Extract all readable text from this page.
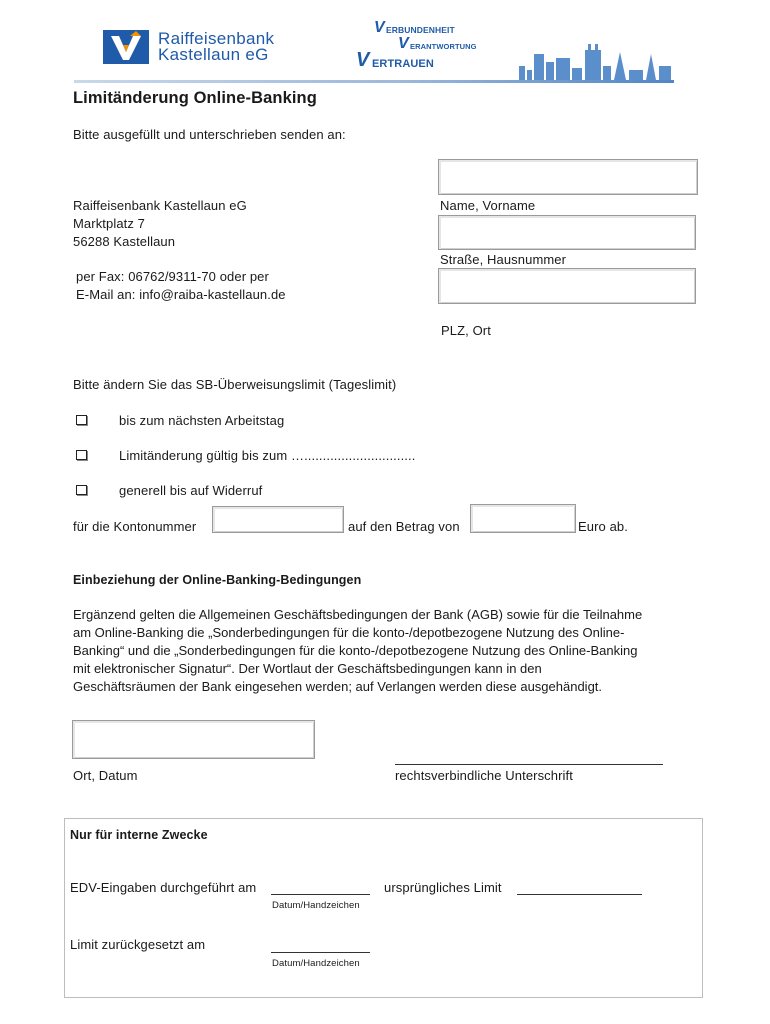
Raiffeisenbank
Kastellaun eG
V ERBUNDENHEIT
V ERANTWORTUNG
V ERTRAUEN
Limitänderung Online-Banking
Bitte ausgefüllt und unterschrieben senden an:
Raiffeisenbank Kastellaun eG
Marktplatz 7
56288 Kastellaun
per Fax: 06762/9311-70 oder per
E-Mail an: info@raiba-kastellaun.de
Name, Vorname
Straße, Hausnummer
PLZ, Ort
Bitte ändern Sie das SB-Überweisungslimit (Tageslimit)
bis zum nächsten Arbeitstag
Limitänderung gültig bis zum …..............................
generell bis auf Widerruf
für die Kontonummer	auf den Betrag von	Euro ab.
Einbeziehung der Online-Banking-Bedingungen
Ergänzend gelten die Allgemeinen Geschäftsbedingungen der Bank (AGB) sowie für die Teilnahme
am Online-Banking die „Sonderbedingungen für die konto-/depotbezogene Nutzung des Online-
Banking“ und die „Sonderbedingungen für die konto-/depotbezogene Nutzung des Online-Banking
mit elektronischer Signatur“. Der Wortlaut der Geschäftsbedingungen kann in den
Geschäftsräumen der Bank eingesehen werden; auf Verlangen werden diese ausgehändigt.
Ort, Datum	rechtsverbindliche Unterschrift
Nur für interne Zwecke
EDV-Eingaben durchgeführt am
Datum/Handzeichen
ursprüngliches Limit
Limit zurückgesetzt am
Datum/Handzeichen
